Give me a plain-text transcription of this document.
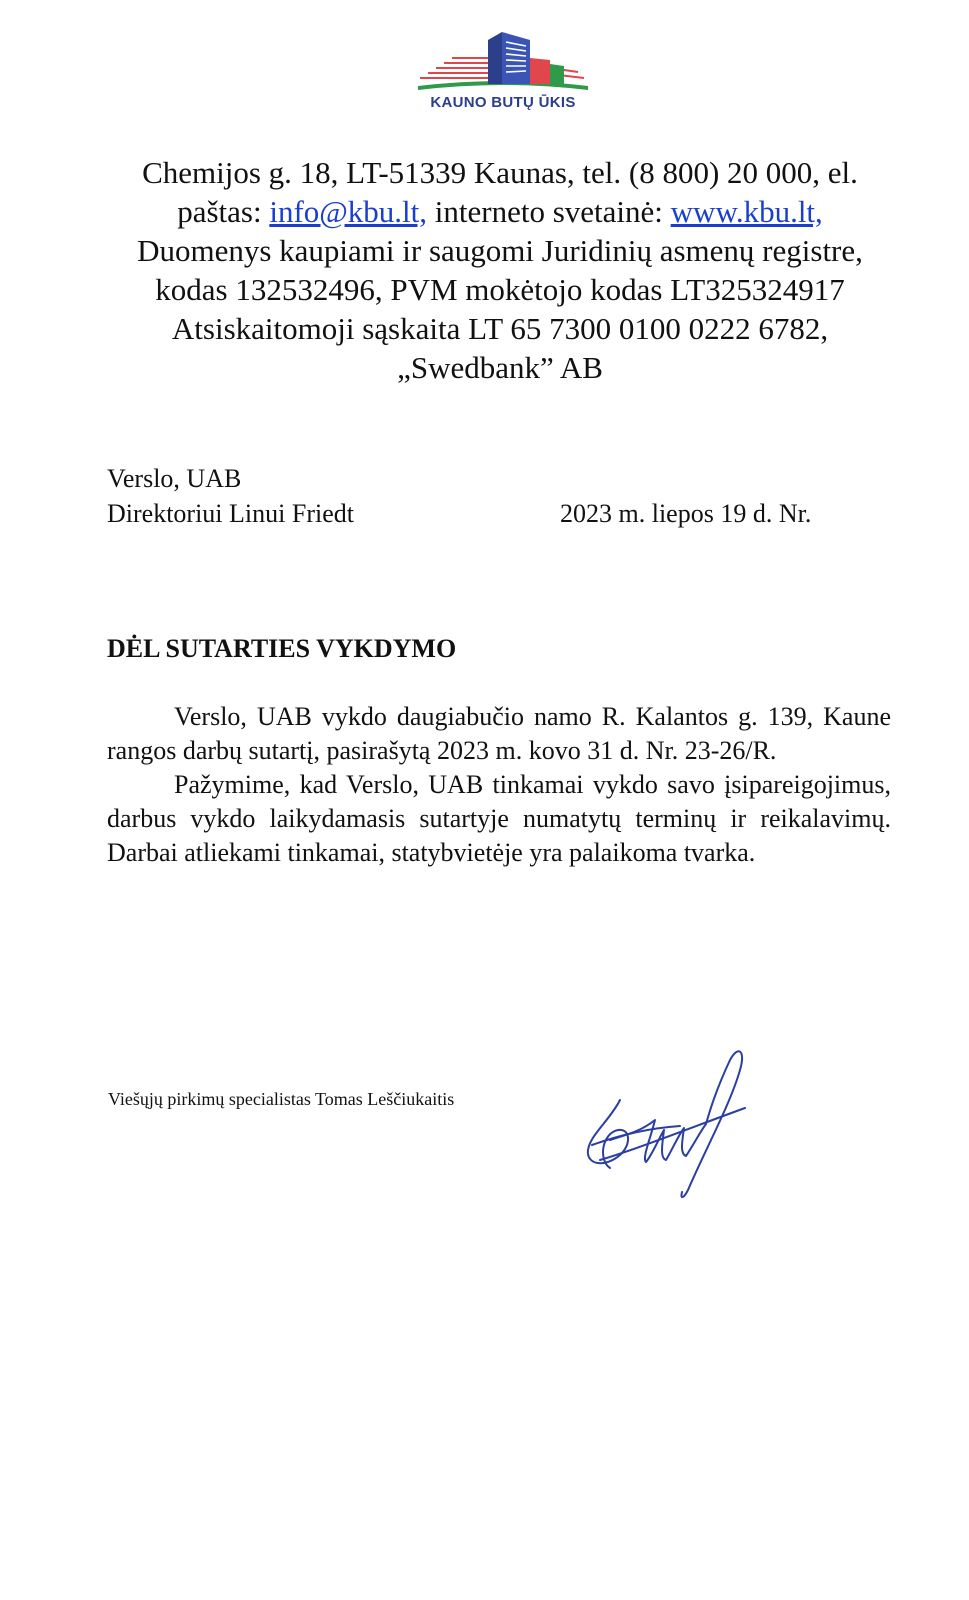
KAUNO BUTŲ ŪKIS
Chemijos g. 18, LT-51339 Kaunas, tel. (8 800) 20 000, el.
paštas: info@kbu.lt, interneto svetainė: www.kbu.lt,
Duomenys kaupiami ir saugomi Juridinių asmenų registre,
kodas 132532496, PVM mokėtojo kodas LT325324917
Atsiskaitomoji sąskaita LT 65 7300 0100 0222 6782,
„Swedbank” AB
Verslo, UAB
Direktoriui Linui Friedt	2023 m. liepos 19 d. Nr.
DĖL SUTARTIES VYKDYMO

Verslo, UAB vykdo daugiabučio namo R. Kalantos g. 139, Kaune rangos darbų sutartį, pasirašytą 2023 m. kovo 31 d. Nr. 23-26/R.

Pažymime, kad Verslo, UAB tinkamai vykdo savo įsipareigojimus, darbus vykdo laikydamasis sutartyje numatytų terminų ir reikalavimų. Darbai atliekami tinkamai, statybvietėje yra palaikoma tvarka.

Viešųjų pirkimų specialistas Tomas Leščiukaitis
